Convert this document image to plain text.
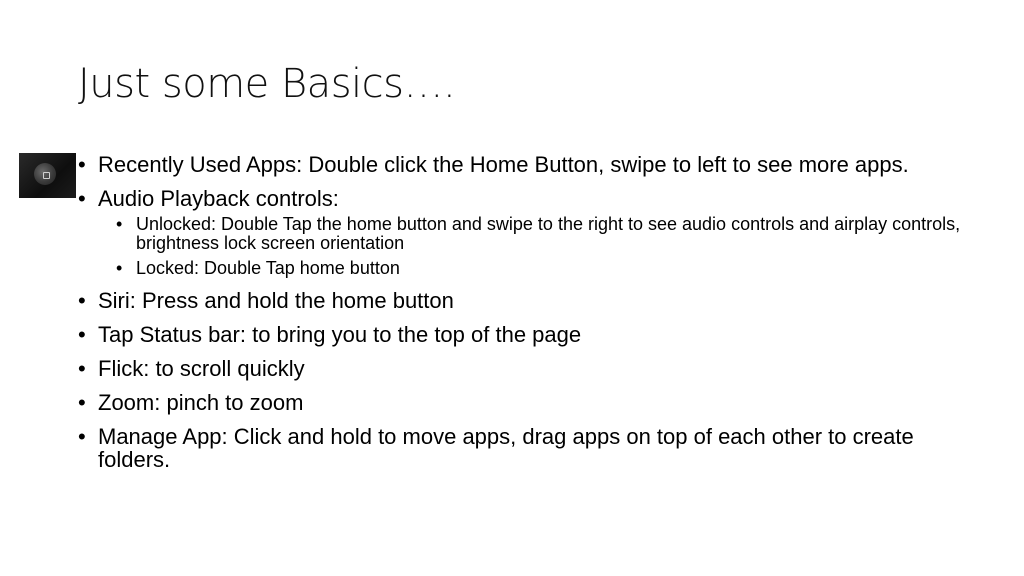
Just some Basics….
• Recently Used Apps: Double click the Home Button, swipe to left to see more apps.
• Audio Playback controls:
• Unlocked: Double Tap the home button and swipe to the right to see audio controls and airplay controls, brightness lock screen orientation
• Locked: Double Tap home button
• Siri: Press and hold the home button
• Tap Status bar: to bring you to the top of the page
• Flick: to scroll quickly
• Zoom: pinch to zoom
• Manage App: Click and hold to move apps, drag apps on top of each other to create folders.
